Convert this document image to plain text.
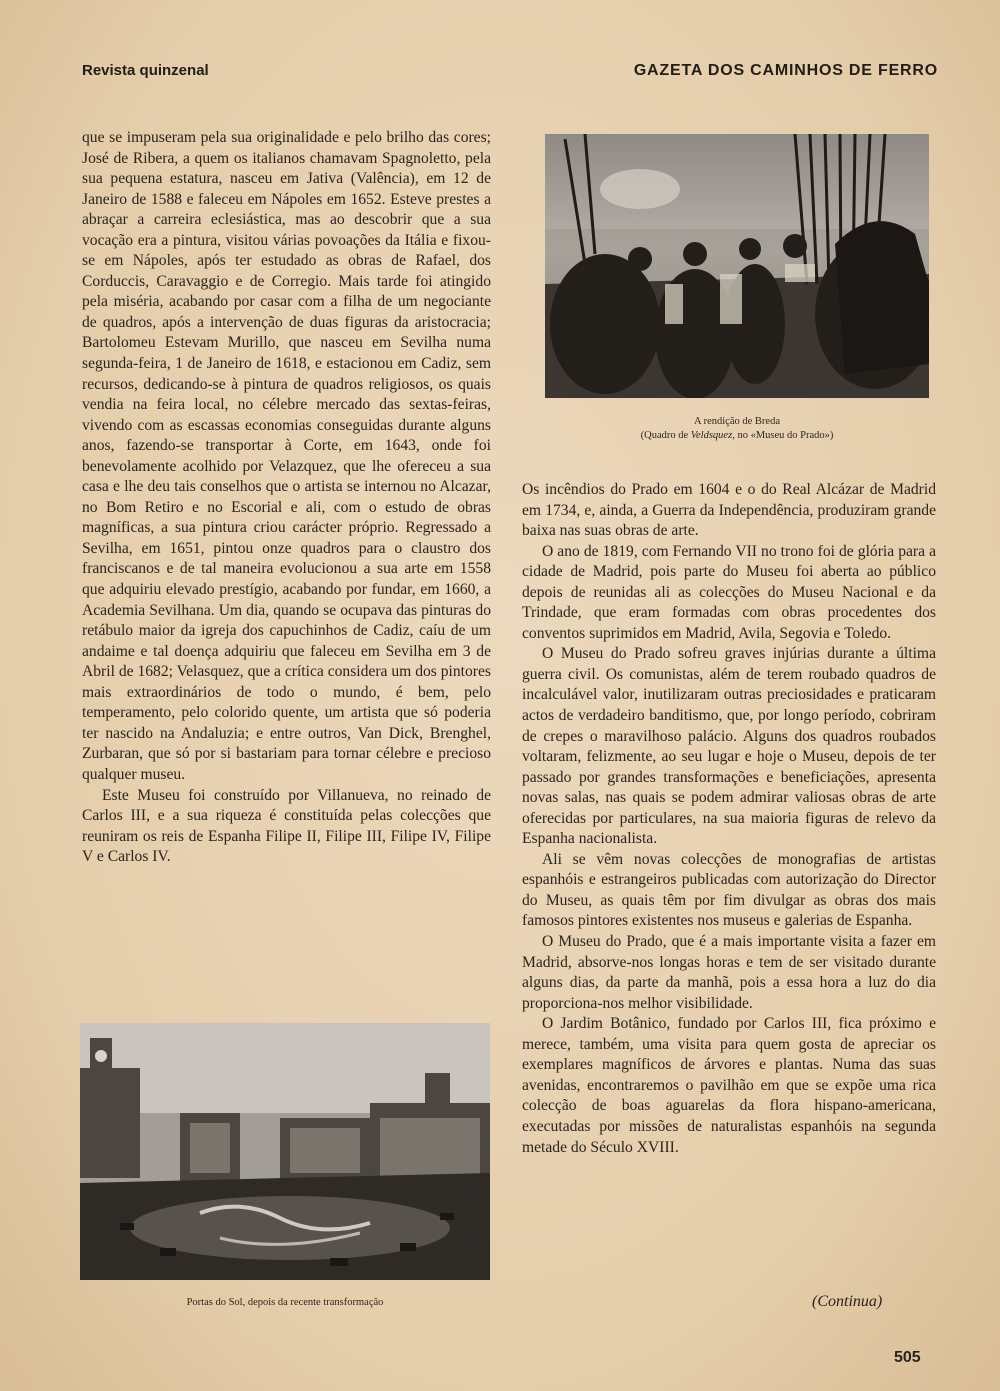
Revista quinzenal	GAZETA DOS CAMINHOS DE FERRO

que se impuseram pela sua originalidade e pelo brilho das cores; José de Ribera, a quem os italianos chamavam Spagnoletto, pela sua pequena estatura, nasceu em Jativa (Valência), em 12 de Janeiro de 1588 e faleceu em Nápoles em 1652. Esteve prestes a abraçar a carreira eclesiástica, mas ao descobrir que a sua vocação era a pintura, visitou várias povoações da Itália e fixou-se em Nápoles, após ter estudado as obras de Rafael, dos Corduccis, Caravaggio e de Corregio. Mais tarde foi atingido pela miséria, acabando por casar com a filha de um negociante de quadros, após a intervenção de duas figuras da aristocracia; Bartolomeu Estevam Murillo, que nasceu em Sevilha numa segunda-feira, 1 de Janeiro de 1618, e estacionou em Cadiz, sem recursos, dedicando-se à pintura de quadros religiosos, os quais vendia na feira local, no célebre mercado das sextas-feiras, vivendo com as escassas economias conseguidas durante alguns anos, fazendo-se transportar à Corte, em 1643, onde foi benevolamente acolhido por Velazquez, que lhe ofereceu a sua casa e lhe deu tais conselhos que o artista se internou no Alcazar, no Bom Retiro e no Escorial e ali, com o estudo de obras magníficas, a sua pintura criou carácter próprio. Regressado a Sevilha, em 1651, pintou onze quadros para o claustro dos franciscanos e de tal maneira evolucionou a sua arte em 1558 que adquiriu elevado prestígio, acabando por fundar, em 1660, a Academia Sevilhana. Um dia, quando se ocupava das pinturas do retábulo maior da igreja dos capuchinhos de Cadiz, caíu de um andaime e tal doença adquiriu que faleceu em Sevilha em 3 de Abril de 1682; Velasquez, que a crítica considera um dos pintores mais extraordinários de todo o mundo, é bem, pelo temperamento, pelo colorido quente, um artista que só poderia ter nascido na Andaluzia; e entre outros, Van Dick, Brenghel, Zurbaran, que só por si bastariam para tornar célebre e precioso qualquer museu.

Este Museu foi construído por Villanueva, no reinado de Carlos III, e a sua riqueza é constituída pelas colecções que reuniram os reis de Espanha Filipe II, Filipe III, Filipe IV, Filipe V e Carlos IV.

A rendição de Breda
(Quadro de Veldsquez, no «Museu do Prado»)

Os incêndios do Prado em 1604 e o do Real Alcázar de Madrid em 1734, e, ainda, a Guerra da Independência, produziram grande baixa nas suas obras de arte.

O ano de 1819, com Fernando VII no trono foi de glória para a cidade de Madrid, pois parte do Museu foi aberta ao público depois de reunidas ali as colecções do Museu Nacional e da Trindade, que eram formadas com obras procedentes dos conventos suprimidos em Madrid, Avila, Segovia e Toledo.

O Museu do Prado sofreu graves injúrias durante a última guerra civil. Os comunistas, além de terem roubado quadros de incalculável valor, inutilizaram outras preciosidades e praticaram actos de verdadeiro banditismo, que, por longo período, cobriram de crepes o maravilhoso palácio. Alguns dos quadros roubados voltaram, felizmente, ao seu lugar e hoje o Museu, depois de ter passado por grandes transformações e beneficiações, apresenta novas salas, nas quais se podem admirar valiosas obras de arte oferecidas por particulares, na sua maioria figuras de relevo da Espanha nacionalista.

Ali se vêm novas colecções de monografias de artistas espanhóis e estrangeiros publicadas com autorização do Director do Museu, as quais têm por fim divulgar as obras dos mais famosos pintores existentes nos museus e galerias de Espanha.

O Museu do Prado, que é a mais importante visita a fazer em Madrid, absorve-nos longas horas e tem de ser visitado durante alguns dias, da parte da manhã, pois a essa hora a luz do dia proporciona-nos melhor visibilidade.

O Jardim Botânico, fundado por Carlos III, fica próximo e merece, também, uma visita para quem gosta de apreciar os exemplares magníficos de árvores e plantas. Numa das suas avenidas, encontraremos o pavilhão em que se expõe uma rica colecção de boas aguarelas da flora hispano-americana, executadas por missões de naturalistas espanhóis na segunda metade do Século XVIII.

Portas do Sol, depois da recente transformação	(Continua)
505
